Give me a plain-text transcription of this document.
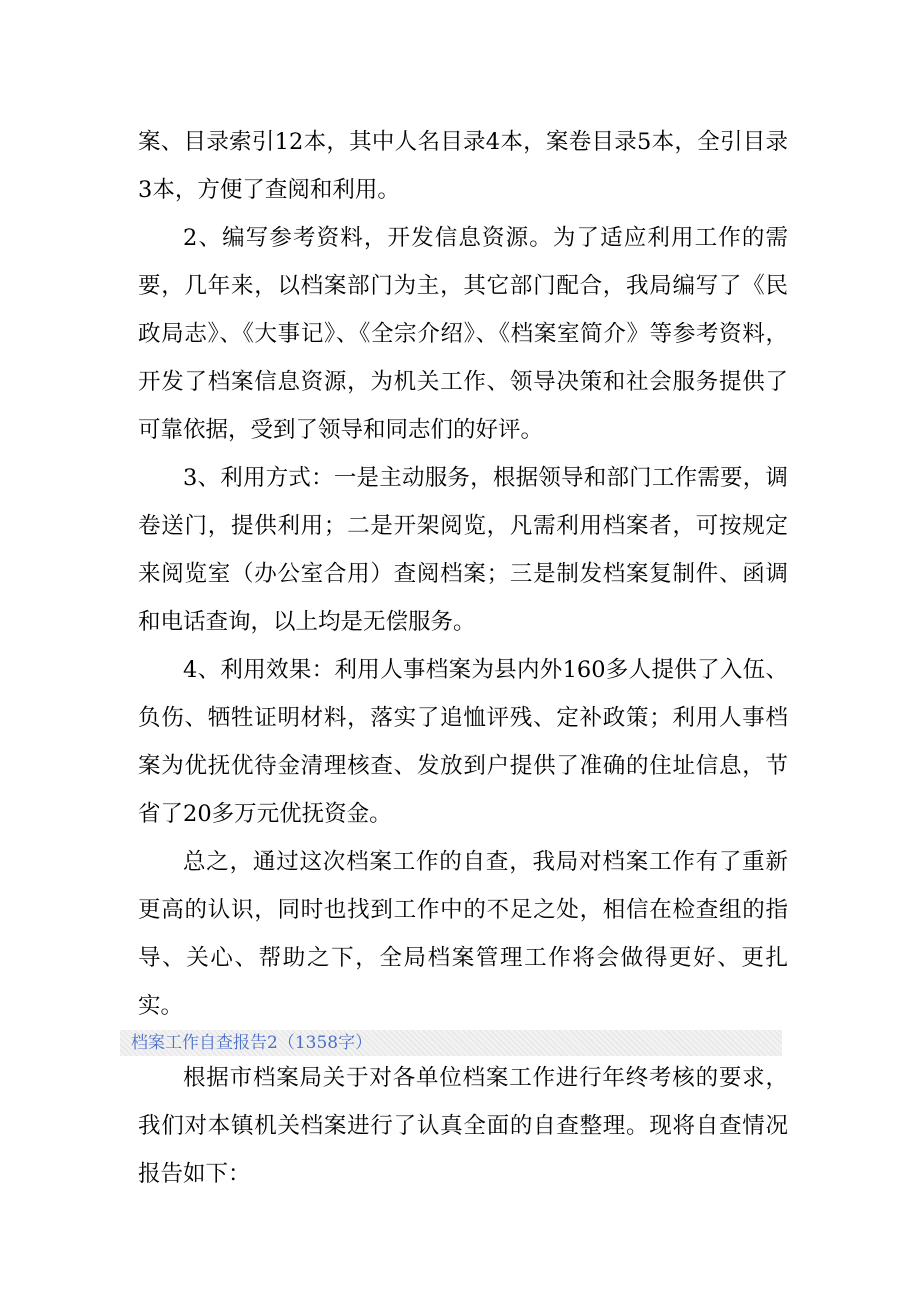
案、目录索引12本，其中人名目录4本，案卷目录5本，全引目录3本，方便了查阅和利用。

2、编写参考资料，开发信息资源。为了适应利用工作的需要，几年来，以档案部门为主，其它部门配合，我局编写了《民政局志》、《大事记》、《全宗介绍》、《档案室简介》等参考资料，开发了档案信息资源，为机关工作、领导决策和社会服务提供了可靠依据，受到了领导和同志们的好评。

3、利用方式：一是主动服务，根据领导和部门工作需要，调卷送门，提供利用；二是开架阅览，凡需利用档案者，可按规定来阅览室（办公室合用）查阅档案；三是制发档案复制件、函调和电话查询，以上均是无偿服务。

4、利用效果：利用人事档案为县内外160多人提供了入伍、负伤、牺牲证明材料，落实了追恤评残、定补政策；利用人事档案为优抚优待金清理核查、发放到户提供了准确的住址信息，节省了20多万元优抚资金。

总之，通过这次档案工作的自查，我局对档案工作有了重新更高的认识，同时也找到工作中的不足之处，相信在检查组的指导、关心、帮助之下，全局档案管理工作将会做得更好、更扎实。

档案工作自查报告2（1358字）

根据市档案局关于对各单位档案工作进行年终考核的要求，我们对本镇机关档案进行了认真全面的自查整理。现将自查情况报告如下：
